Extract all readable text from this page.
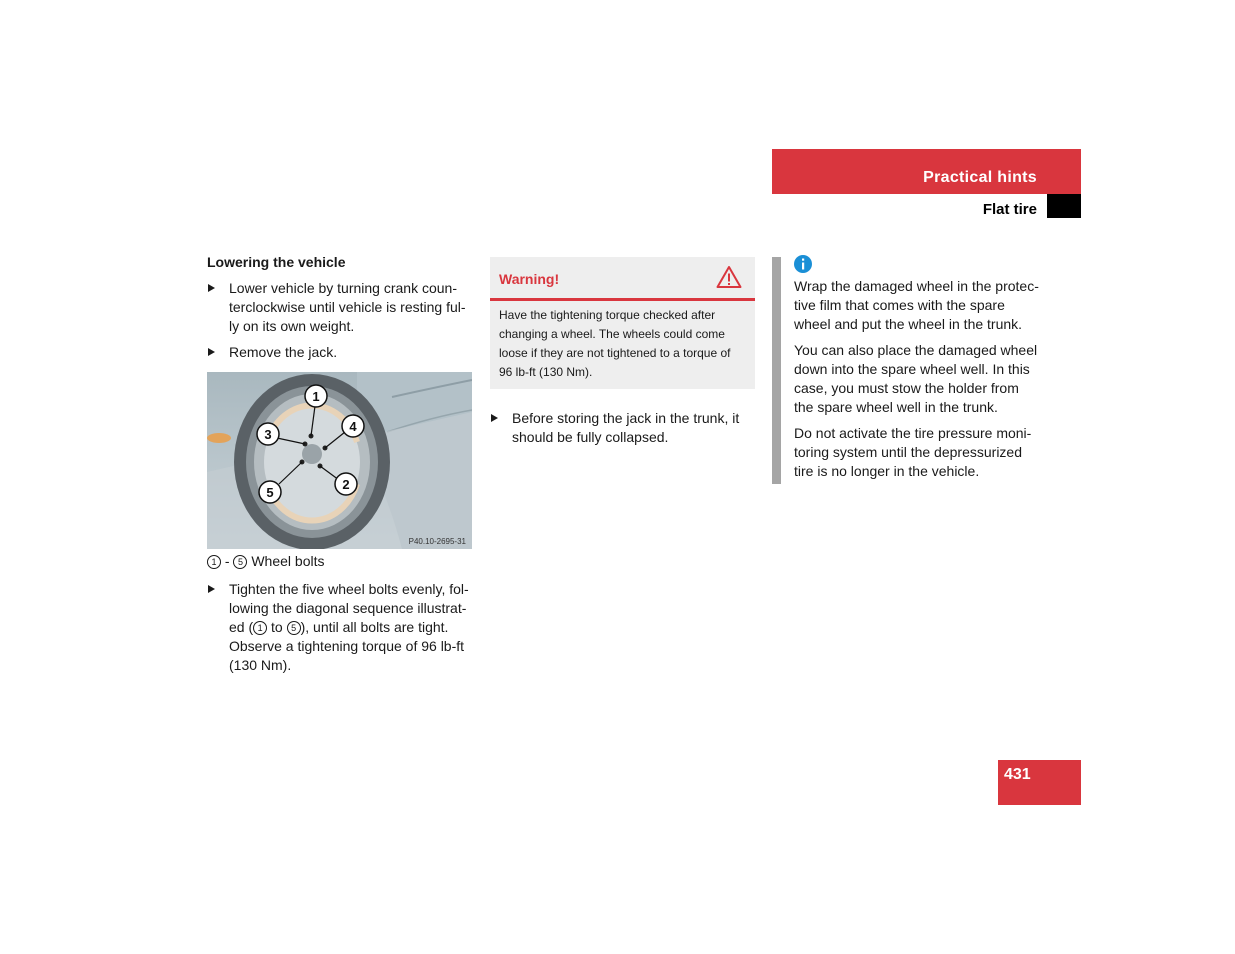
Practical hints
Flat tire
Lowering the vehicle
Lower vehicle by turning crank coun-terclockwise until vehicle is resting ful-ly on its own weight.
Remove the jack.
1
2
3
4
5
P40.10-2695-31
1 - 5 Wheel bolts
Tighten the five wheel bolts evenly, fol-lowing the diagonal sequence illustrat-ed ( 1 to 5 ), until all bolts are tight. Observe a tightening torque of 96 lb-ft (130 Nm).
Warning!
Have the tightening torque checked after changing a wheel. The wheels could come loose if they are not tightened to a torque of 96 lb-ft (130 Nm).
Before storing the jack in the trunk, it should be fully collapsed.
Wrap the damaged wheel in the protec-tive film that comes with the spare wheel and put the wheel in the trunk.
You can also place the damaged wheel down into the spare wheel well. In this case, you must stow the holder from the spare wheel well in the trunk.
Do not activate the tire pressure moni-toring system until the depressurized tire is no longer in the vehicle.
431
